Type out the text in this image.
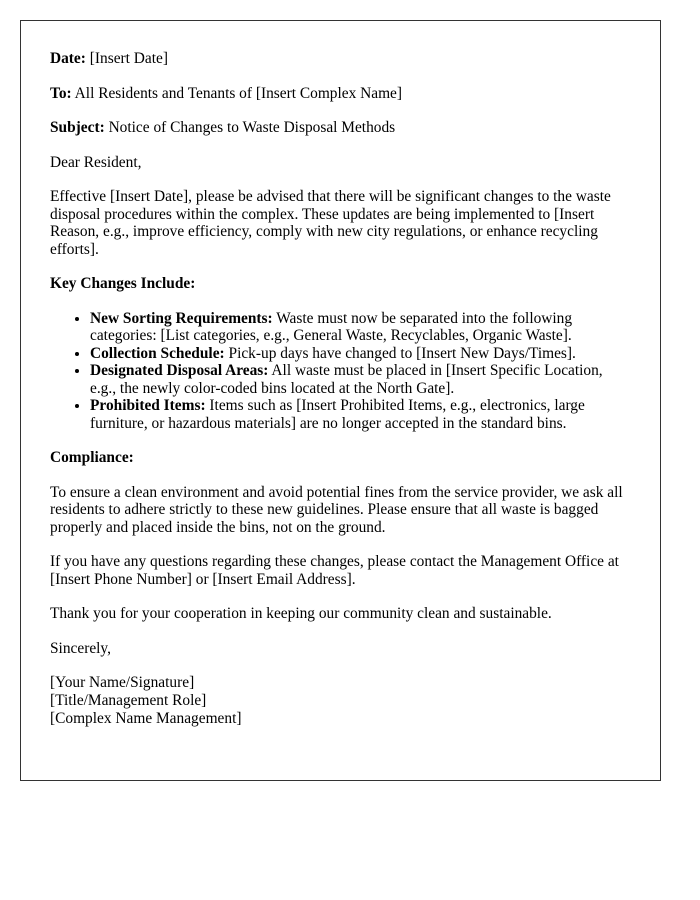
Date: [Insert Date]

To: All Residents and Tenants of [Insert Complex Name]

Subject: Notice of Changes to Waste Disposal Methods

Dear Resident,

Effective [Insert Date], please be advised that there will be significant changes to the waste disposal procedures within the complex. These updates are being implemented to [Insert Reason, e.g., improve efficiency, comply with new city regulations, or enhance recycling efforts].

Key Changes Include:

• New Sorting Requirements: Waste must now be separated into the following categories: [List categories, e.g., General Waste, Recyclables, Organic Waste].
• Collection Schedule: Pick-up days have changed to [Insert New Days/Times].
• Designated Disposal Areas: All waste must be placed in [Insert Specific Location, e.g., the newly color-coded bins located at the North Gate].
• Prohibited Items: Items such as [Insert Prohibited Items, e.g., electronics, large furniture, or hazardous materials] are no longer accepted in the standard bins.

Compliance:

To ensure a clean environment and avoid potential fines from the service provider, we ask all residents to adhere strictly to these new guidelines. Please ensure that all waste is bagged properly and placed inside the bins, not on the ground.

If you have any questions regarding these changes, please contact the Management Office at [Insert Phone Number] or [Insert Email Address].

Thank you for your cooperation in keeping our community clean and sustainable.

Sincerely,

[Your Name/Signature]
[Title/Management Role]
[Complex Name Management]
